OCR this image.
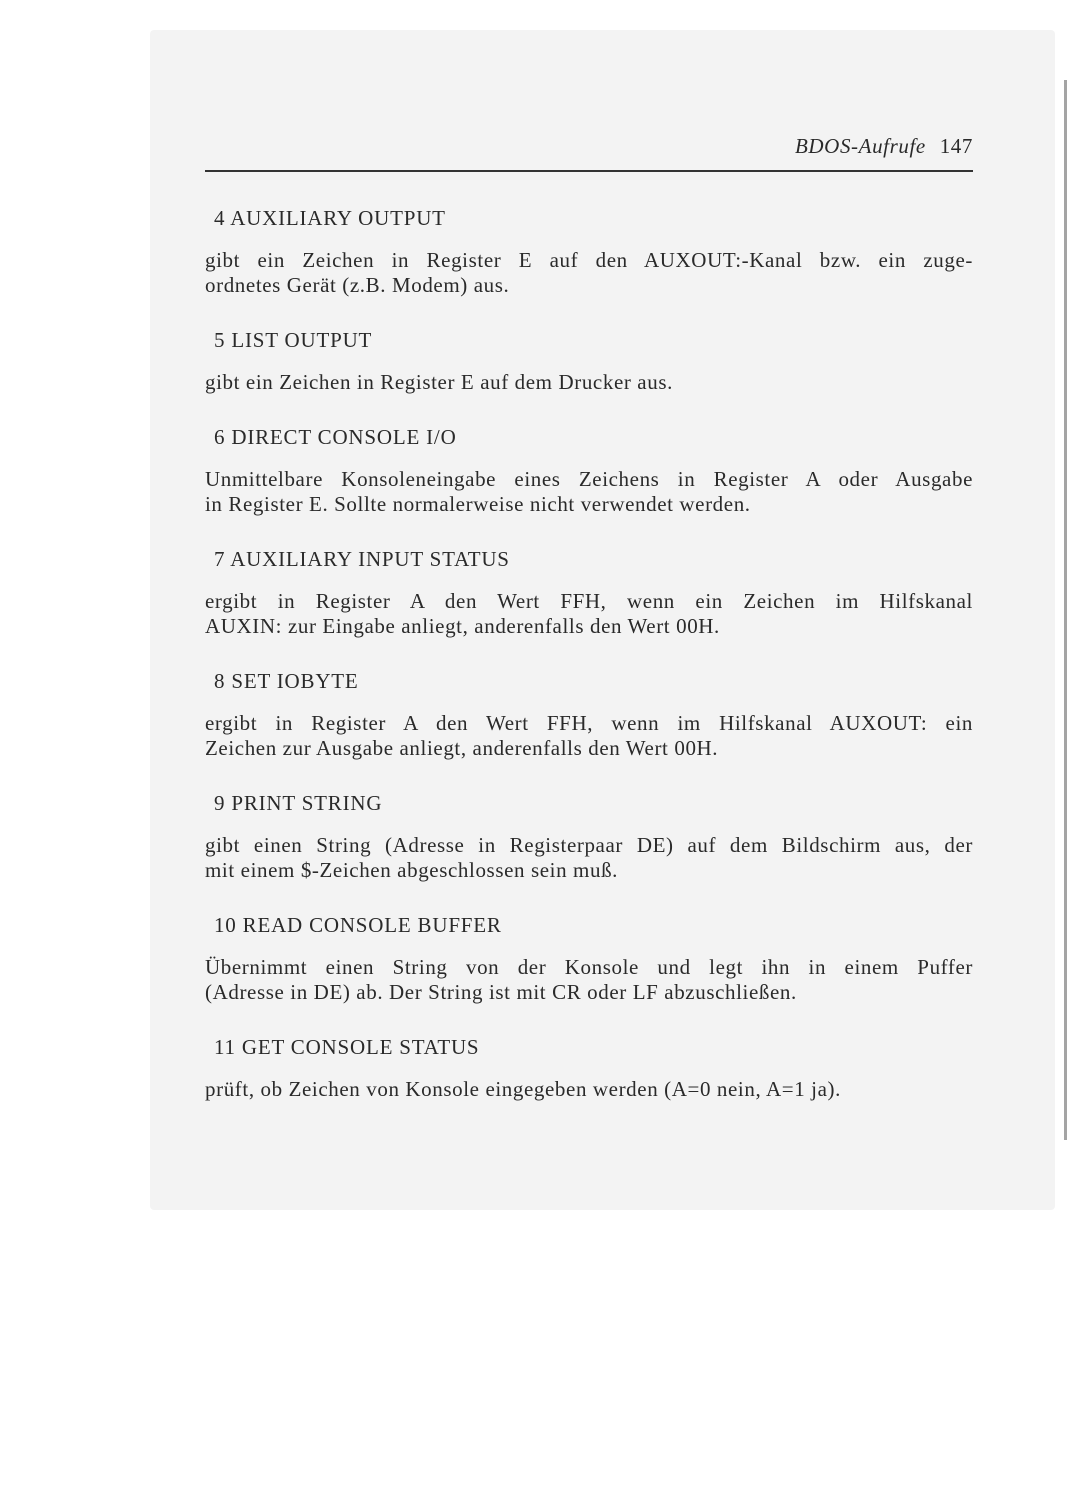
BDOS-Aufrufe 147
4 AUXILIARY OUTPUT

gibt ein Zeichen in Register E auf den AUXOUT:-Kanal bzw. ein zuge-
ordnetes Gerät (z.B. Modem) aus.

5 LIST OUTPUT

gibt ein Zeichen in Register E auf dem Drucker aus.

6 DIRECT CONSOLE I/O

Unmittelbare Konsoleneingabe eines Zeichens in Register A oder Ausgabe
in Register E. Sollte normalerweise nicht verwendet werden.

7 AUXILIARY INPUT STATUS

ergibt in Register A den Wert FFH, wenn ein Zeichen im Hilfskanal
AUXIN: zur Eingabe anliegt, anderenfalls den Wert 00H.

8 SET IOBYTE

ergibt in Register A den Wert FFH, wenn im Hilfskanal AUXOUT: ein
Zeichen zur Ausgabe anliegt, anderenfalls den Wert 00H.

9 PRINT STRING

gibt einen String (Adresse in Registerpaar DE) auf dem Bildschirm aus, der
mit einem $-Zeichen abgeschlossen sein muß.

10 READ CONSOLE BUFFER

Übernimmt einen String von der Konsole und legt ihn in einem Puffer
(Adresse in DE) ab. Der String ist mit CR oder LF abzuschließen.

11 GET CONSOLE STATUS

prüft, ob Zeichen von Konsole eingegeben werden (A=0 nein, A=1 ja).
